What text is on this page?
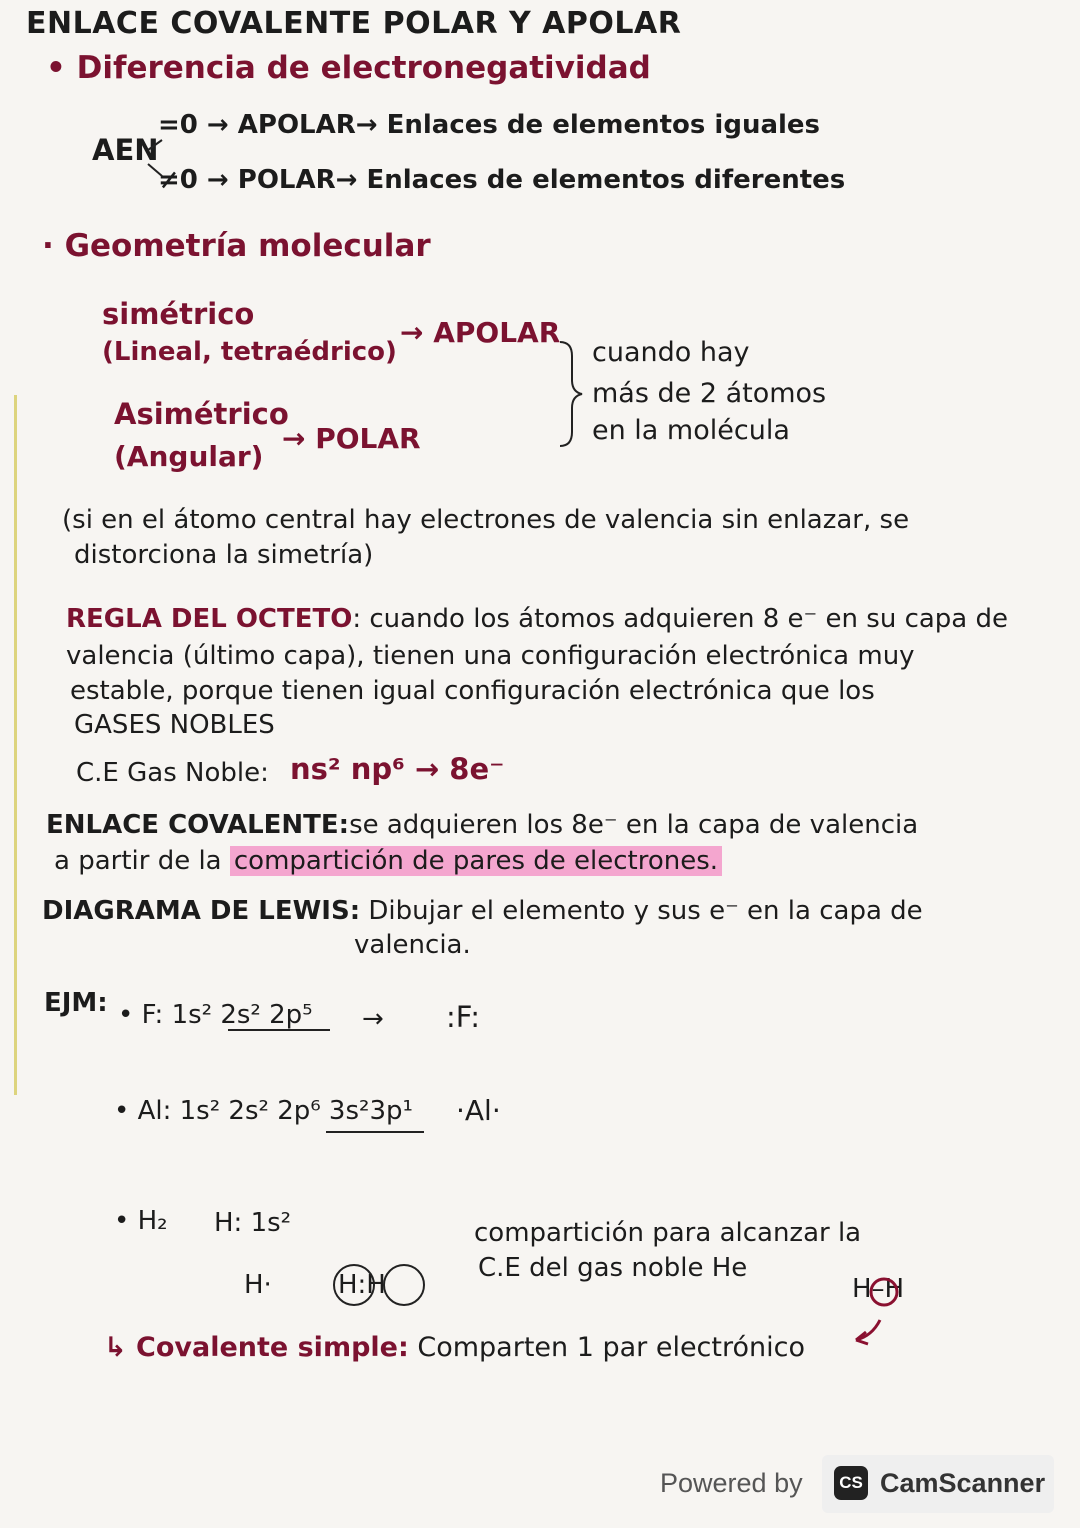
ENLACE COVALENTE POLAR Y APOLAR
• Diferencia de electronegatividad
AEN
=0 → APOLAR→ Enlaces de elementos iguales
≠0 → POLAR→ Enlaces de elementos diferentes
· Geometría molecular
simétrico
(Lineal, tetraédrico)
→ APOLAR
Asimétrico
(Angular)
→ POLAR
cuando hay
más de 2 átomos
en la molécula
(si en el átomo central hay electrones de valencia sin enlazar, se
distorciona la simetría)
REGLA DEL OCTETO: cuando los átomos adquieren 8 e⁻ en su capa de
valencia (último capa), tienen una configuración electrónica muy
estable, porque tienen igual configuración electrónica que los
GASES NOBLES
C.E Gas Noble: ns² np⁶ → 8e⁻
ENLACE COVALENTE:se adquieren los 8e⁻ en la capa de valencia
a partir de la compartición de pares de electrones.
DIAGRAMA DE LEWIS: Dibujar el elemento y sus e⁻ en la capa de
valencia.
EJM: • F: 1s² 2s² 2p⁵ → :F:
• Al: 1s² 2s² 2p⁶ 3s²3p¹ ·Al·
• H₂ H: 1s²
H·	H:H
compartición para alcanzar la
C.E del gas noble He
H–H
↳ Covalente simple: Comparten 1 par electrónico
Powered by	CS CamScanner
